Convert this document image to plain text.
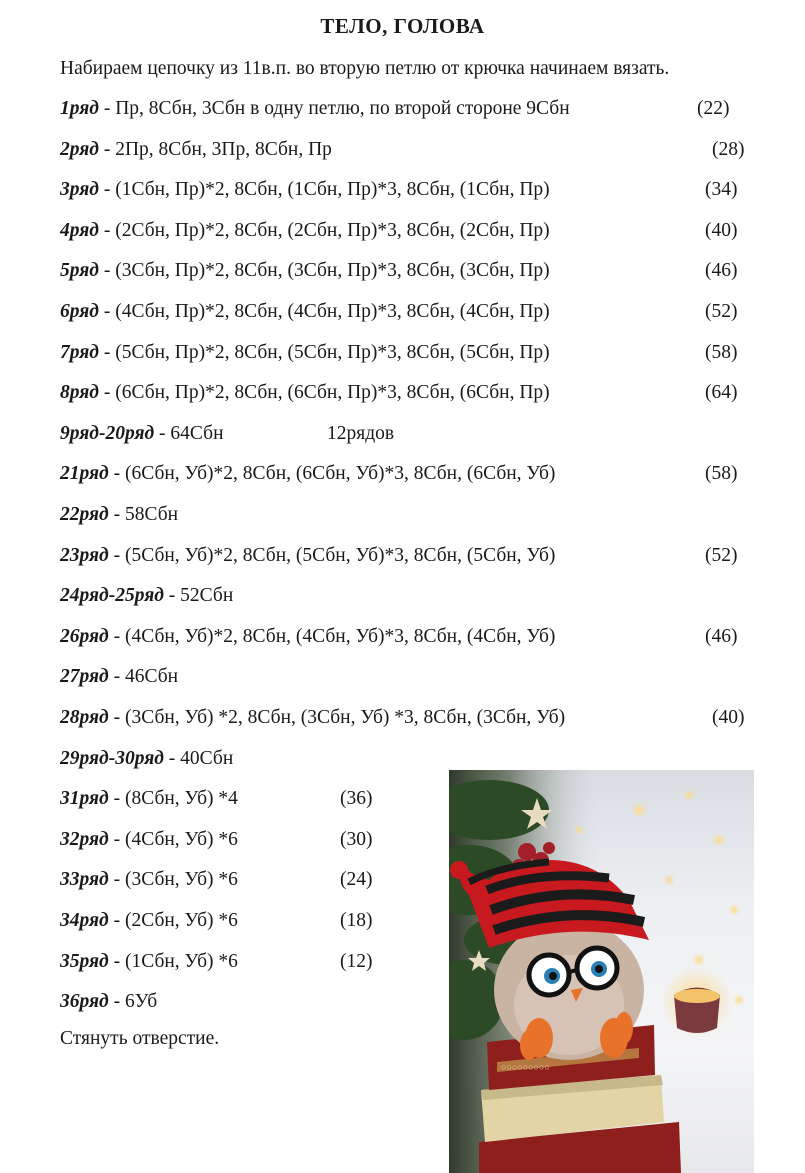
ТЕЛО, ГОЛОВА
Набираем цепочку из 11в.п. во вторую петлю от крючка начинаем вязать.
1ряд - Пр, 8Сбн, 3Сбн в одну петлю, по второй стороне 9Сбн	(22)
2ряд - 2Пр, 8Сбн, 3Пр, 8Сбн, Пр	(28)
3ряд - (1Сбн, Пр)*2, 8Сбн, (1Сбн, Пр)*3, 8Сбн, (1Сбн, Пр)	(34)
4ряд - (2Сбн, Пр)*2, 8Сбн, (2Сбн, Пр)*3, 8Сбн, (2Сбн, Пр)	(40)
5ряд - (3Сбн, Пр)*2, 8Сбн, (3Сбн, Пр)*3, 8Сбн, (3Сбн, Пр)	(46)
6ряд - (4Сбн, Пр)*2, 8Сбн, (4Сбн, Пр)*3, 8Сбн, (4Сбн, Пр)	(52)
7ряд - (5Сбн, Пр)*2, 8Сбн, (5Сбн, Пр)*3, 8Сбн, (5Сбн, Пр)	(58)
8ряд - (6Сбн, Пр)*2, 8Сбн, (6Сбн, Пр)*3, 8Сбн, (6Сбн, Пр)	(64)
9ряд-20ряд - 64Сбн	12рядов
21ряд - (6Сбн, Уб)*2, 8Сбн, (6Сбн, Уб)*3, 8Сбн, (6Сбн, Уб)	(58)
22ряд - 58Сбн
23ряд - (5Сбн, Уб)*2, 8Сбн, (5Сбн, Уб)*3, 8Сбн, (5Сбн, Уб)	(52)
24ряд-25ряд - 52Сбн
26ряд - (4Сбн, Уб)*2, 8Сбн, (4Сбн, Уб)*3, 8Сбн, (4Сбн, Уб)	(46)
27ряд - 46Сбн
28ряд - (3Сбн, Уб) *2, 8Сбн, (3Сбн, Уб) *3, 8Сбн, (3Сбн, Уб)	(40)
29ряд-30ряд - 40Сбн
31ряд - (8Сбн, Уб) *4	(36)
32ряд - (4Сбн, Уб) *6	(30)
33ряд - (3Сбн, Уб) *6	(24)
34ряд - (2Сбн, Уб) *6	(18)
35ряд - (1Сбн, Уб) *6	(12)
36ряд - 6Уб
Стянуть отверстие.
○○○○○○○○○
